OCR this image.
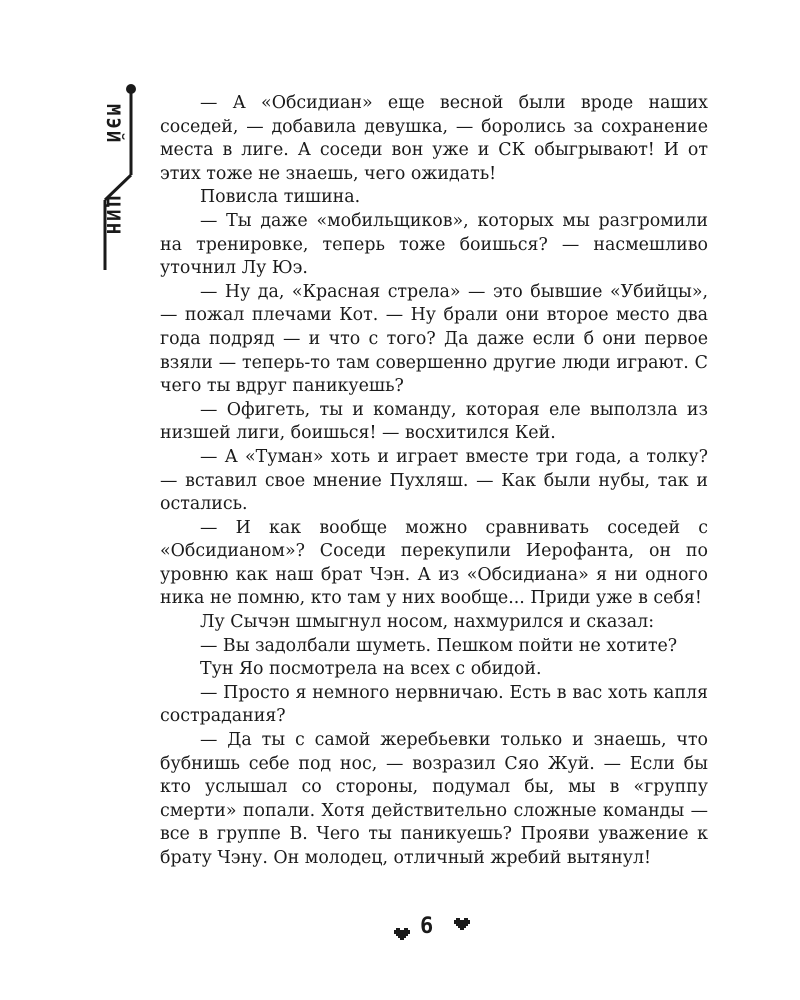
МЭЙ
ЦИН

— А «Обсидиан» еще весной были вроде наших соседей, — добавила девушка, — боролись за сохранение места в лиге. А соседи вон уже и СК обыгрывают! И от этих тоже не знаешь, чего ожидать!

Повисла тишина.

— Ты даже «мобильщиков», которых мы разгромили на тренировке, теперь тоже боишься? — насмешливо уточнил Лу Юэ.

— Ну да, «Красная стрела» — это бывшие «Убийцы», — пожал плечами Кот. — Ну брали они второе место два года подряд — и что с того? Да даже если б они первое взяли — теперь-то там совершенно другие люди играют. С чего ты вдруг паникуешь?

— Офигеть, ты и команду, которая еле выползла из низшей лиги, боишься! — восхитился Кей.

— А «Туман» хоть и играет вместе три года, а толку? — вставил свое мнение Пухляш. — Как были нубы, так и остались.

— И как вообще можно сравнивать соседей с «Обсидианом»? Соседи перекупили Иерофанта, он по уровню как наш брат Чэн. А из «Обсидиана» я ни одного ника не помню, кто там у них вообще... Приди уже в себя!

Лу Сычэн шмыгнул носом, нахмурился и сказал:

— Вы задолбали шуметь. Пешком пойти не хотите?

Тун Яо посмотрела на всех с обидой.

— Просто я немного нервничаю. Есть в вас хоть капля сострадания?

— Да ты с самой жеребьевки только и знаешь, что бубнишь себе под нос, — возразил Сяо Жуй. — Если бы кто услышал со стороны, подумал бы, мы в «группу смерти» попали. Хотя действительно сложные команды — все в группе В. Чего ты паникуешь? Прояви уважение к брату Чэну. Он молодец, отличный жребий вытянул!

6
